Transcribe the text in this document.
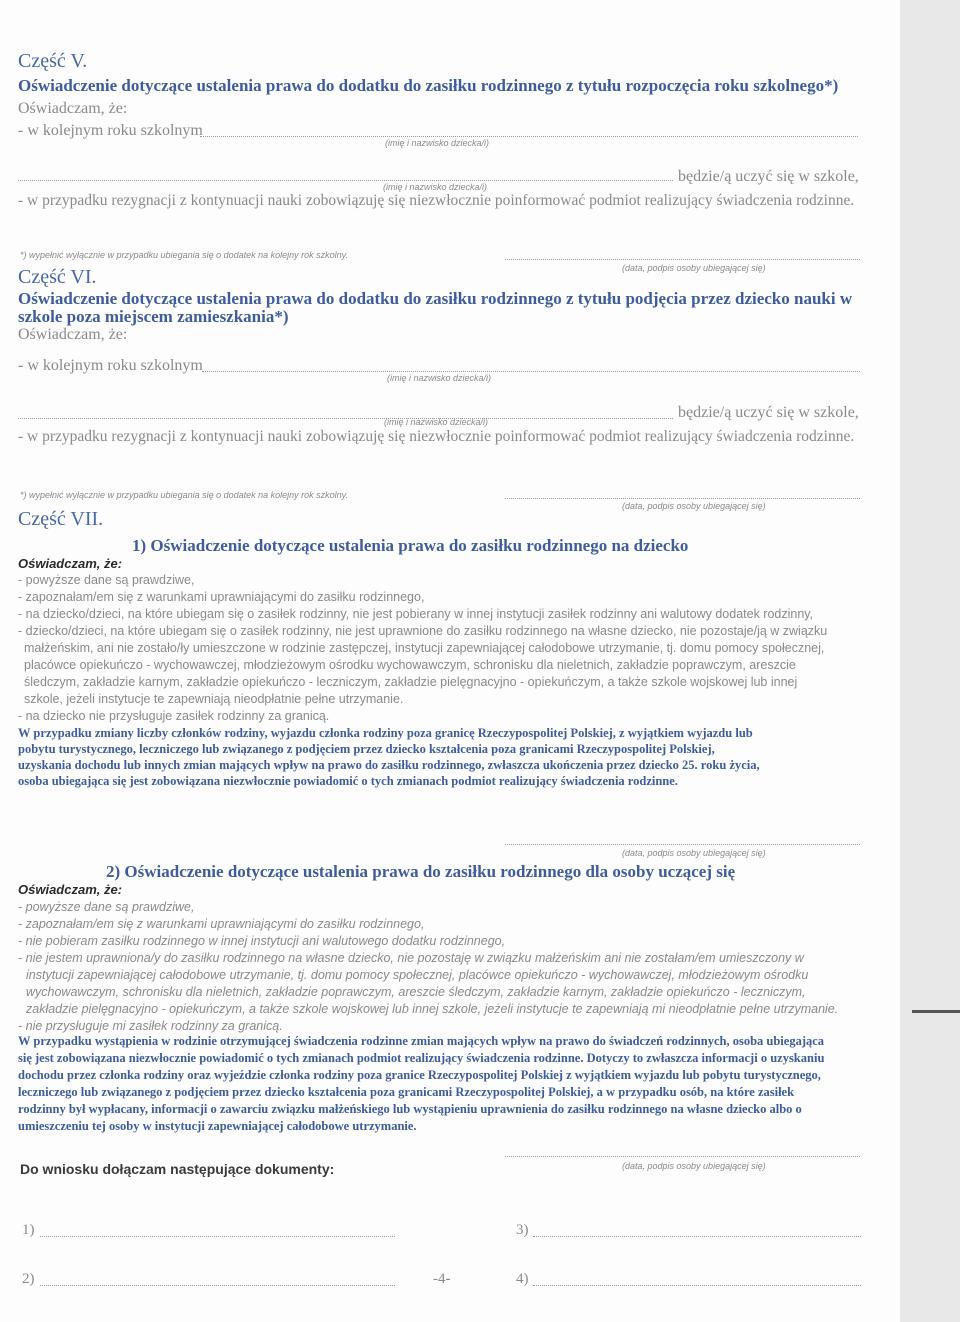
Część V.
Oświadczenie dotyczące ustalenia prawa do dodatku do zasiłku rodzinnego z tytułu rozpoczęcia roku szkolnego*)
Oświadczam, że:
- w kolejnym roku szkolnym
(imię i nazwisko dziecka/i)
(imię i nazwisko dziecka/i)
będzie/ą uczyć się w szkole,
- w przypadku rezygnacji z kontynuacji nauki zobowiązuję się niezwłocznie poinformować podmiot realizujący świadczenia rodzinne.
*) wypełnić wyłącznie w przypadku ubiegania się o dodatek na kolejny rok szkolny.
(data, podpis osoby ubiegającej się)
Część VI.
Oświadczenie dotyczące ustalenia prawa do dodatku do zasiłku rodzinnego z tytułu podjęcia przez dziecko nauki w szkole poza miejscem zamieszkania*)
Oświadczam, że:
- w kolejnym roku szkolnym
(imię i nazwisko dziecka/i)
(imię i nazwisko dziecka/i)
będzie/ą uczyć się w szkole,
- w przypadku rezygnacji z kontynuacji nauki zobowiązuję się niezwłocznie poinformować podmiot realizujący świadczenia rodzinne.
*) wypełnić wyłącznie w przypadku ubiegania się o dodatek na kolejny rok szkolny.
(data, podpis osoby ubiegającej się)
Część VII.
1) Oświadczenie dotyczące ustalenia prawa do zasiłku rodzinnego na dziecko
Oświadczam, że:
- powyższe dane są prawdziwe,
- zapoznałam/em się z warunkami uprawniającymi do zasiłku rodzinnego,
- na dziecko/dzieci, na które ubiegam się o zasiłek rodzinny, nie jest pobierany w innej instytucji zasiłek rodzinny ani walutowy dodatek rodzinny,
- dziecko/dzieci, na które ubiegam się o zasiłek rodzinny, nie jest uprawnione do zasiłku rodzinnego na własne dziecko, nie pozostaje/ją w związku
małżeńskim, ani nie zostało/ły umieszczone w rodzinie zastępczej, instytucji zapewniającej całodobowe utrzymanie, tj. domu pomocy społecznej,
placówce opiekuńczo - wychowawczej, młodzieżowym ośrodku wychowawczym, schronisku dla nieletnich, zakładzie poprawczym, areszcie
śledczym, zakładzie karnym, zakładzie opiekuńczo - leczniczym, zakładzie pielęgnacyjno - opiekuńczym, a także szkole wojskowej lub innej
szkole, jeżeli instytucje te zapewniają nieodpłatnie pełne utrzymanie.
- na dziecko nie przysługuje zasiłek rodzinny za granicą.
W przypadku zmiany liczby członków rodziny, wyjazdu członka rodziny poza granicę Rzeczypospolitej Polskiej, z wyjątkiem wyjazdu lub
pobytu turystycznego, leczniczego lub związanego z podjęciem przez dziecko kształcenia poza granicami Rzeczypospolitej Polskiej,
uzyskania dochodu lub innych zmian mających wpływ na prawo do zasiłku rodzinnego, zwłaszcza ukończenia przez dziecko 25. roku życia,
osoba ubiegająca się jest zobowiązana niezwłocznie powiadomić o tych zmianach podmiot realizujący świadczenia rodzinne.
(data, podpis osoby ubiegającej się)
2) Oświadczenie dotyczące ustalenia prawa do zasiłku rodzinnego dla osoby uczącej się
Oświadczam, że:
- powyższe dane są prawdziwe,
- zapoznałam/em się z warunkami uprawniającymi do zasiłku rodzinnego,
- nie pobieram zasiłku rodzinnego w innej instytucji ani walutowego dodatku rodzinnego,
- nie jestem uprawniona/y do zasiłku rodzinnego na własne dziecko, nie pozostaję w związku małżeńskim ani nie zostałam/em umieszczony w
instytucji zapewniającej całodobowe utrzymanie, tj. domu pomocy społecznej, placówce opiekuńczo - wychowawczej, młodzieżowym ośrodku
wychowawczym, schronisku dla nieletnich, zakładzie poprawczym, areszcie śledczym, zakładzie karnym, zakładzie opiekuńczo - leczniczym,
zakładzie pielęgnacyjno - opiekuńczym, a także szkole wojskowej lub innej szkole, jeżeli instytucje te zapewniają mi nieodpłatnie pełne utrzymanie.
- nie przysługuje mi zasiłek rodzinny za granicą.
W przypadku wystąpienia w rodzinie otrzymującej świadczenia rodzinne zmian mających wpływ na prawo do świadczeń rodzinnych, osoba ubiegająca
się jest zobowiązana niezwłocznie powiadomić o tych zmianach podmiot realizujący świadczenia rodzinne. Dotyczy to zwłaszcza informacji o uzyskaniu
dochodu przez członka rodziny oraz wyjeździe członka rodziny poza granice Rzeczypospolitej Polskiej z wyjątkiem wyjazdu lub pobytu turystycznego,
leczniczego lub związanego z podjęciem przez dziecko kształcenia poza granicami Rzeczypospolitej Polskiej, a w przypadku osób, na które zasiłek
rodzinny był wypłacany, informacji o zawarciu związku małżeńskiego lub wystąpieniu uprawnienia do zasiłku rodzinnego na własne dziecko albo o
umieszczeniu tej osoby w instytucji zapewniającej całodobowe utrzymanie.
Do wniosku dołączam następujące dokumenty:	(data, podpis osoby ubiegającej się)
1)	3)
2)	-4-	4)
